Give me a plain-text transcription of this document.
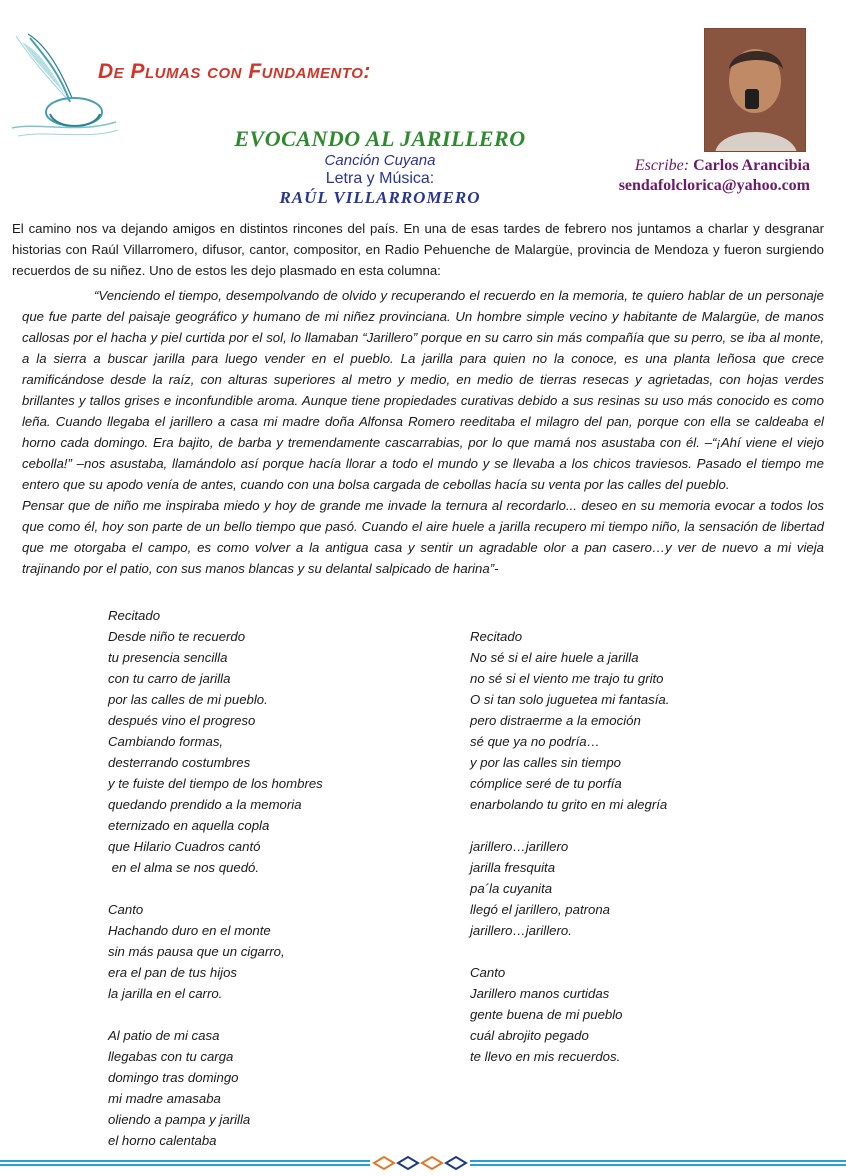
De Plumas con Fundamento:
EVOCANDO AL JARILLERO
Canción Cuyana
Letra y Música:
RAÚL VILLARROMERO
Escribe: Carlos Arancibia
sendafolclorica@yahoo.com
El camino nos va dejando amigos en distintos rincones del país. En una de esas tardes de febrero nos juntamos a charlar y desgranar historias con Raúl Villarromero, difusor, cantor, compositor, en Radio Pehuenche de Malargüe, provincia de Mendoza y fueron surgiendo recuerdos de su niñez. Uno de estos les dejo plasmado en esta columna:

“Venciendo el tiempo, desempolvando de olvido y recuperando el recuerdo en la memoria, te quiero hablar de un personaje que fue parte del paisaje geográfico y humano de mi niñez provinciana. Un hombre simple vecino y habitante de Malargüe, de manos callosas por el hacha y piel curtida por el sol, lo llamaban “Jarillero” porque en su carro sin más compañía que su perro, se iba al monte, a la sierra a buscar jarilla para luego vender en el pueblo. La jarilla para quien no la conoce, es una planta leñosa que crece ramificándose desde la raíz, con alturas superiores al metro y medio, en medio de tierras resecas y agrietadas, con hojas verdes brillantes y tallos grises e inconfundible aroma. Aunque tiene propiedades curativas debido a sus resinas su uso más conocido es como leña. Cuando llegaba el jarillero a casa mi madre doña Alfonsa Romero reeditaba el milagro del pan, porque con ella se caldeaba el horno cada domingo. Era bajito, de barba y tremendamente cascarrabias, por lo que mamá nos asustaba con él. –“¡Ahí viene el viejo cebolla!” –nos asustaba, llamándolo así porque hacía llorar a todo el mundo y se llevaba a los chicos traviesos. Pasado el tiempo me entero que su apodo venía de antes, cuando con una bolsa cargada de cebollas hacía su venta por las calles del pueblo.

Pensar que de niño me inspiraba miedo y hoy de grande me invade la ternura al recordarlo... deseo en su memoria evocar a todos los que como él, hoy son parte de un bello tiempo que pasó. Cuando el aire huele a jarilla recupero mi tiempo niño, la sensación de libertad que me otorgaba el campo, es como volver a la antigua casa y sentir un agradable olor a pan casero…y ver de nuevo a mi vieja trajinando por el patio, con sus manos blancas y su delantal salpicado de harina”-

Recitado
Desde niño te recuerdo
tu presencia sencilla
con tu carro de jarilla
por las calles de mi pueblo.
después vino el progreso
Cambiando formas,
desterrando costumbres
y te fuiste del tiempo de los hombres
quedando prendido a la memoria
eternizado en aquella copla
que Hilario Cuadros cantó
en el alma se nos quedó.
Canto
Hachando duro en el monte
sin más pausa que un cigarro,
era el pan de tus hijos
la jarilla en el carro.
Al patio de mi casa
llegabas con tu carga
domingo tras domingo
mi madre amasaba
oliendo a pampa y jarilla
el horno calentaba
Recitado
No sé si el aire huele a jarilla
no sé si el viento me trajo tu grito
O si tan solo juguetea mi fantasía.
pero distraerme a la emoción
sé que ya no podría…
y por las calles sin tiempo
cómplice seré de tu porfía
enarbolando tu grito en mi alegría
jarillero…jarillero
jarilla fresquita
pa´la cuyanita
llegó el jarillero, patrona
jarillero…jarillero.
Canto
Jarillero manos curtidas
gente buena de mi pueblo
cuál abrojito pegado
te llevo en mis recuerdos.
